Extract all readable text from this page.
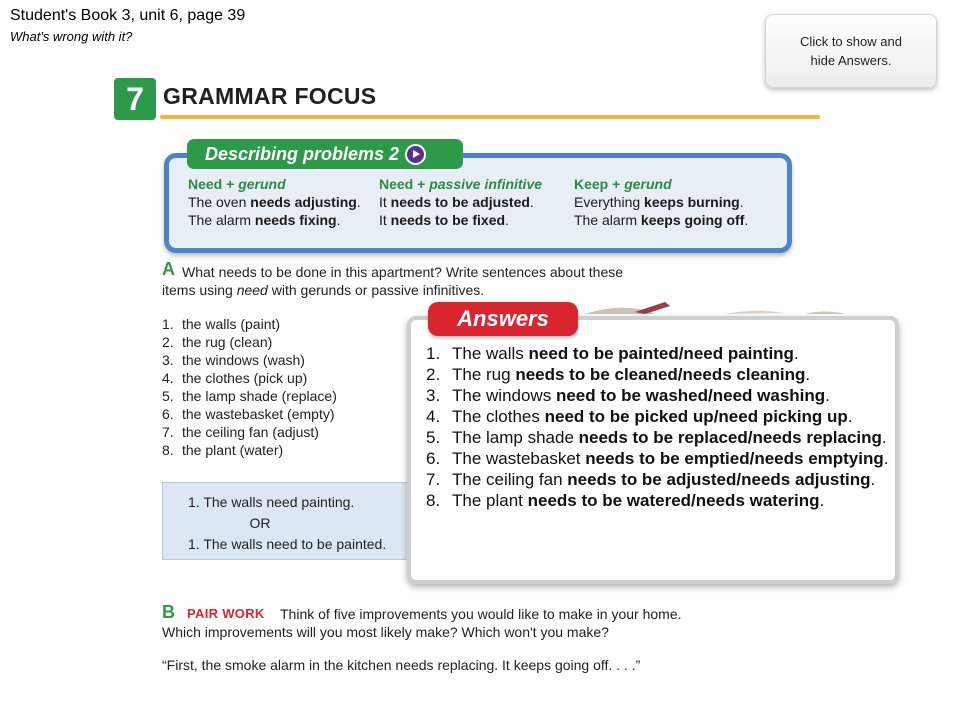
Student's Book 3, unit 6, page 39
What's wrong with it?	Click to show and hide Answers.
7 GRAMMAR FOCUS
Describing problems 2
Need + gerund
The oven needs adjusting.
The alarm needs fixing.
Need + passive infinitive
It needs to be adjusted.
It needs to be fixed.
Keep + gerund
Everything keeps burning.
The alarm keeps going off.
A What needs to be done in this apartment? Write sentences about these
items using need with gerunds or passive infinitives.
1. the walls (paint)
2. the rug (clean)
3. the windows (wash)
4. the clothes (pick up)
5. the lamp shade (replace)
6. the wastebasket (empty)
7. the ceiling fan (adjust)
8. the plant (water)
1. The walls need painting.
OR
1. The walls need to be painted.
Answers
1. The walls need to be painted/need painting.
2. The rug needs to be cleaned/needs cleaning.
3. The windows need to be washed/need washing.
4. The clothes need to be picked up/need picking up.
5. The lamp shade needs to be replaced/needs replacing.
6. The wastebasket needs to be emptied/needs emptying.
7. The ceiling fan needs to be adjusted/needs adjusting.
8. The plant needs to be watered/needs watering.
B PAIR WORK Think of five improvements you would like to make in your home.
Which improvements will you most likely make? Which won't you make?
“First, the smoke alarm in the kitchen needs replacing. It keeps going off. . . .”
